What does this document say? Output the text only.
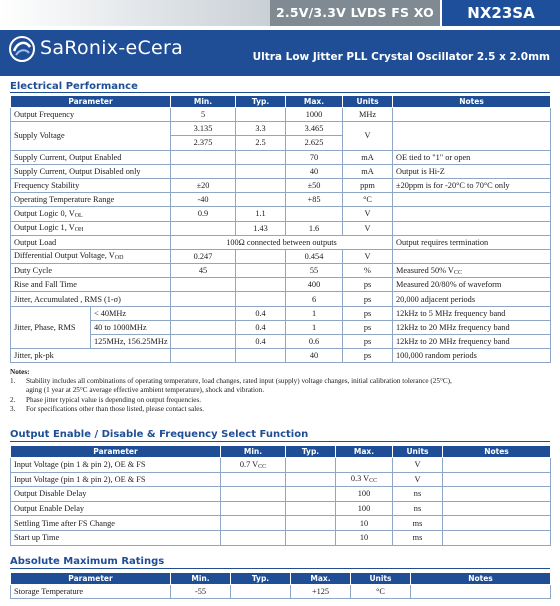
2.5V/3.3V LVDS FS XO	NX23SA
SaRonix-eCera	Ultra Low Jitter PLL Crystal Oscillator 2.5 x 2.0mm
Electrical Performance
Parameter		Min.	Typ.	Max.	Units	Notes
Output Frequency		5		1000	MHz	
Supply Voltage		3.135	3.3	3.465	V	
		2.375	2.5	2.625		
Supply Current, Output Enabled				70	mA	OE tied to "1" or open
Supply Current, Output Disabled only				40	mA	Output is Hi-Z
Frequency Stability		±20		±50	ppm	±20ppm is for -20°C to 70°C only
Operating Temperature Range		-40		+85	°C	
Output Logic 0, VOL		0.9	1.1		V	
Output Logic 1, VOH			1.43	1.6	V	
Output Load		100Ω connected between outputs				Output requires termination
Differential Output Voltage, VOD		0.247		0.454	V	
Duty Cycle		45		55	%	Measured 50% VCC
Rise and Fall Time				400	ps	Measured 20/80% of waveform
Jitter, Accumulated , RMS (1-σ)				6	ps	20,000 adjacent periods
Jitter, Phase, RMS	< 40MHz		0.4	1	ps	12kHz to 5 MHz frequency band
	40 to 1000MHz		0.4	1	ps	12kHz to 20 MHz frequency band
	125MHz, 156.25MHz		0.4	0.6	ps	12kHz to 20 MHz frequency band
Jitter, pk-pk				40	ps	100,000 random periods
Notes:
1.	Stability includes all combinations of operating temperature, load changes, rated input (supply) voltage changes, initial calibration tolerance (25°C),
aging (1 year at 25°C average effective ambient temperature), shock and vibration.
2.	Phase jitter typical value is depending on output frequencies.
3.	For specifications other than those listed, please contact sales.
Output Enable / Disable & Frequency Select Function
Parameter	Min.	Typ.	Max.	Units	Notes
Input Voltage (pin 1 & pin 2), OE & FS	0.7 VCC			V	
Input Voltage (pin 1 & pin 2), OE & FS			0.3 VCC	V	
Output Disable Delay			100	ns	
Output Enable Delay			100	ns	
Settling Time after FS Change			10	ms	
Start up Time			10	ms	
Absolute Maximum Ratings
Parameter	Min.	Typ.	Max.	Units	Notes
Storage Temperature	-55		+125	°C	
